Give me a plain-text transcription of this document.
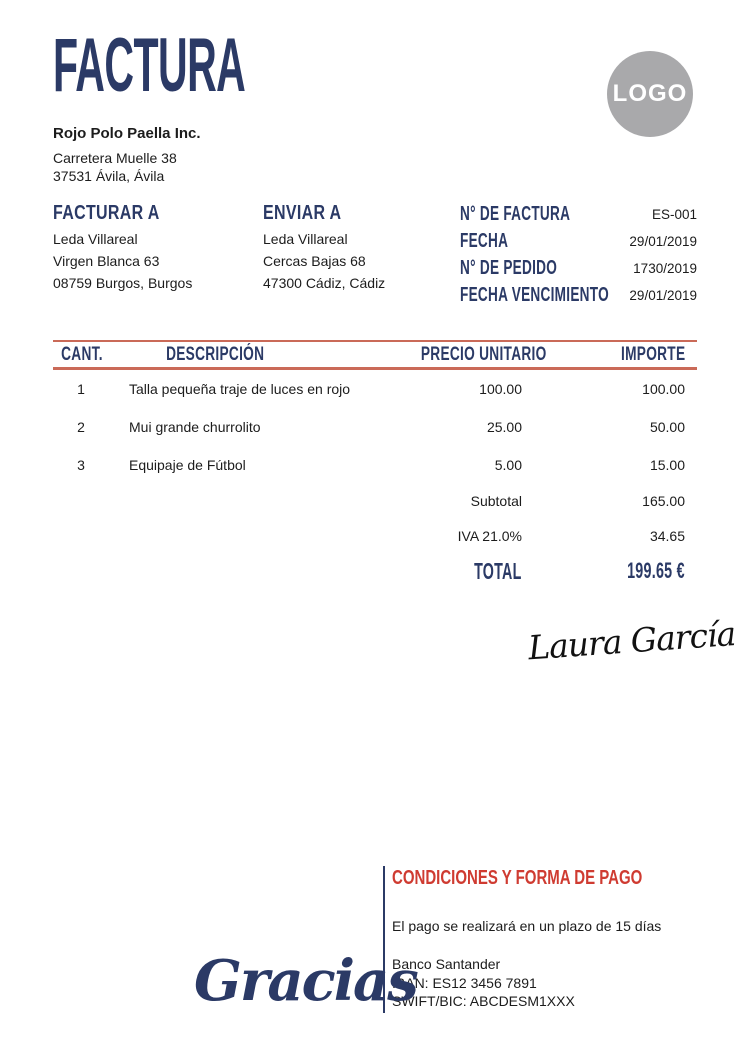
FACTURA	LOGO
Rojo Polo Paella Inc.
Carretera Muelle 38
37531 Ávila, Ávila
FACTURAR A
Leda Villareal
Virgen Blanca 63
08759 Burgos, Burgos
ENVIAR A
Leda Villareal
Cercas Bajas 68
47300 Cádiz, Cádiz
N° DE FACTURA	ES-001
FECHA	29/01/2019
N° DE PEDIDO	1730/2019
FECHA VENCIMIENTO 29/01/2019
CANT.	DESCRIPCIÓN	PRECIO UNITARIO	IMPORTE
1	Talla pequeña traje de luces en rojo	100.00	100.00
2	Mui grande churrolito	25.00	50.00
3	Equipaje de Fútbol	5.00	15.00
Subtotal	165.00
IVA 21.0%	34.65
TOTAL	199.65 €
Laura García
CONDICIONES Y FORMA DE PAGO
El pago se realizará en un plazo de 15 días
Banco Santander
IBAN: ES12 3456 7891
SWIFT/BIC: ABCDESM1XXX
Gracias
